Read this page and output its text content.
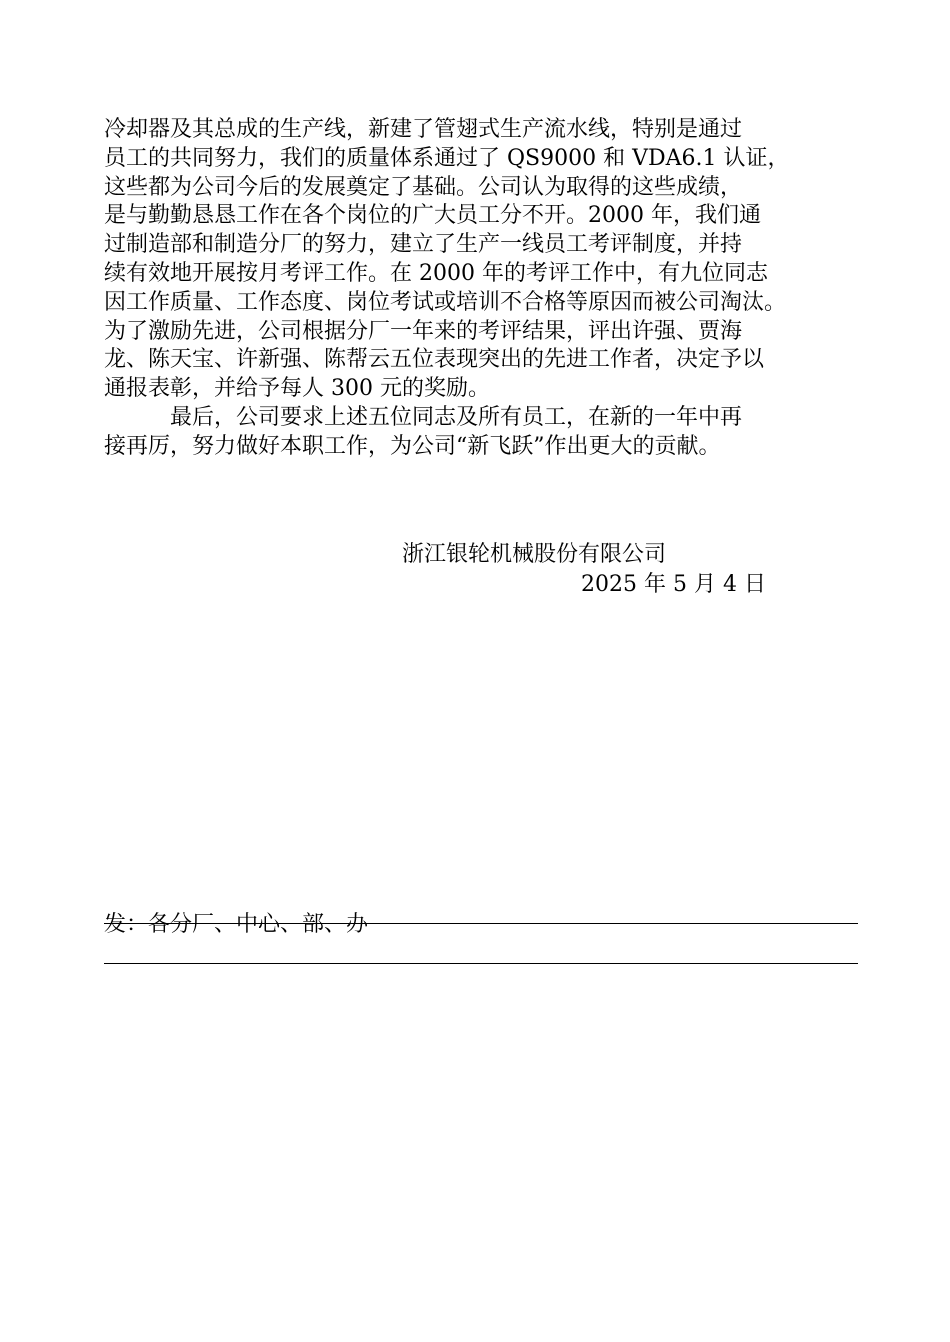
冷却器及其总成的生产线，新建了管翅式生产流水线，特别是通过
员工的共同努力，我们的质量体系通过了 QS9000 和 VDA6.1 认证，
这些都为公司今后的发展奠定了基础。公司认为取得的这些成绩，
是与勤勤恳恳工作在各个岗位的广大员工分不开。2000 年，我们通
过制造部和制造分厂的努力，建立了生产一线员工考评制度，并持
续有效地开展按月考评工作。在 2000 年的考评工作中，有九位同志
因工作质量、工作态度、岗位考试或培训不合格等原因而被公司淘汰。
为了激励先进，公司根据分厂一年来的考评结果，评出许强、贾海
龙、陈天宝、许新强、陈帮云五位表现突出的先进工作者，决定予以
通报表彰，并给予每人 300 元的奖励。
最后，公司要求上述五位同志及所有员工，在新的一年中再
接再厉，努力做好本职工作，为公司“新飞跃”作出更大的贡献。
浙江银轮机械股份有限公司
2025 年 5 月 4 日
发：各分厂、中心、部、办
